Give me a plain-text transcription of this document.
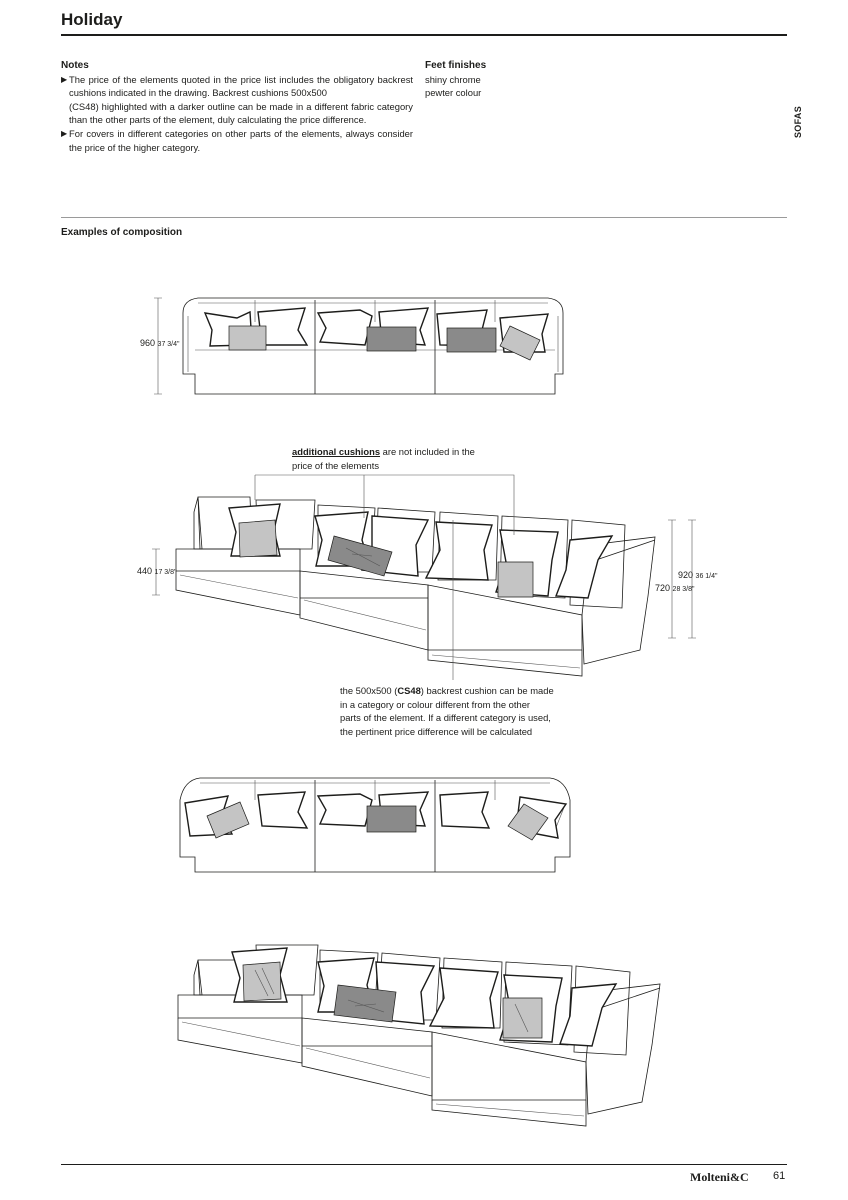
Holiday
Notes
▶ The price of the elements quoted in the price list includes the obligatory backrest cushions indicated in the drawing. Backrest cushions 500x500
(CS48) highlighted with a darker outline can be made in a different fabric category than the other parts of the element, duly calculating the price difference.
▶ For covers in different categories on other parts of the elements, always consider the price of the higher category.
Feet finishes
shiny chrome
pewter colour
SOFAS
Examples of composition
960 37 3/4"
440 17 3/8"	920 36 1/4"
720 28 3/8"
additional cushions are not included in the
price of the elements
the 500x500 (CS48) backrest cushion can be made
in a category or colour different from the other
parts of the element. If a different category is used,
the pertinent price difference will be calculated
Molteni&C 61
